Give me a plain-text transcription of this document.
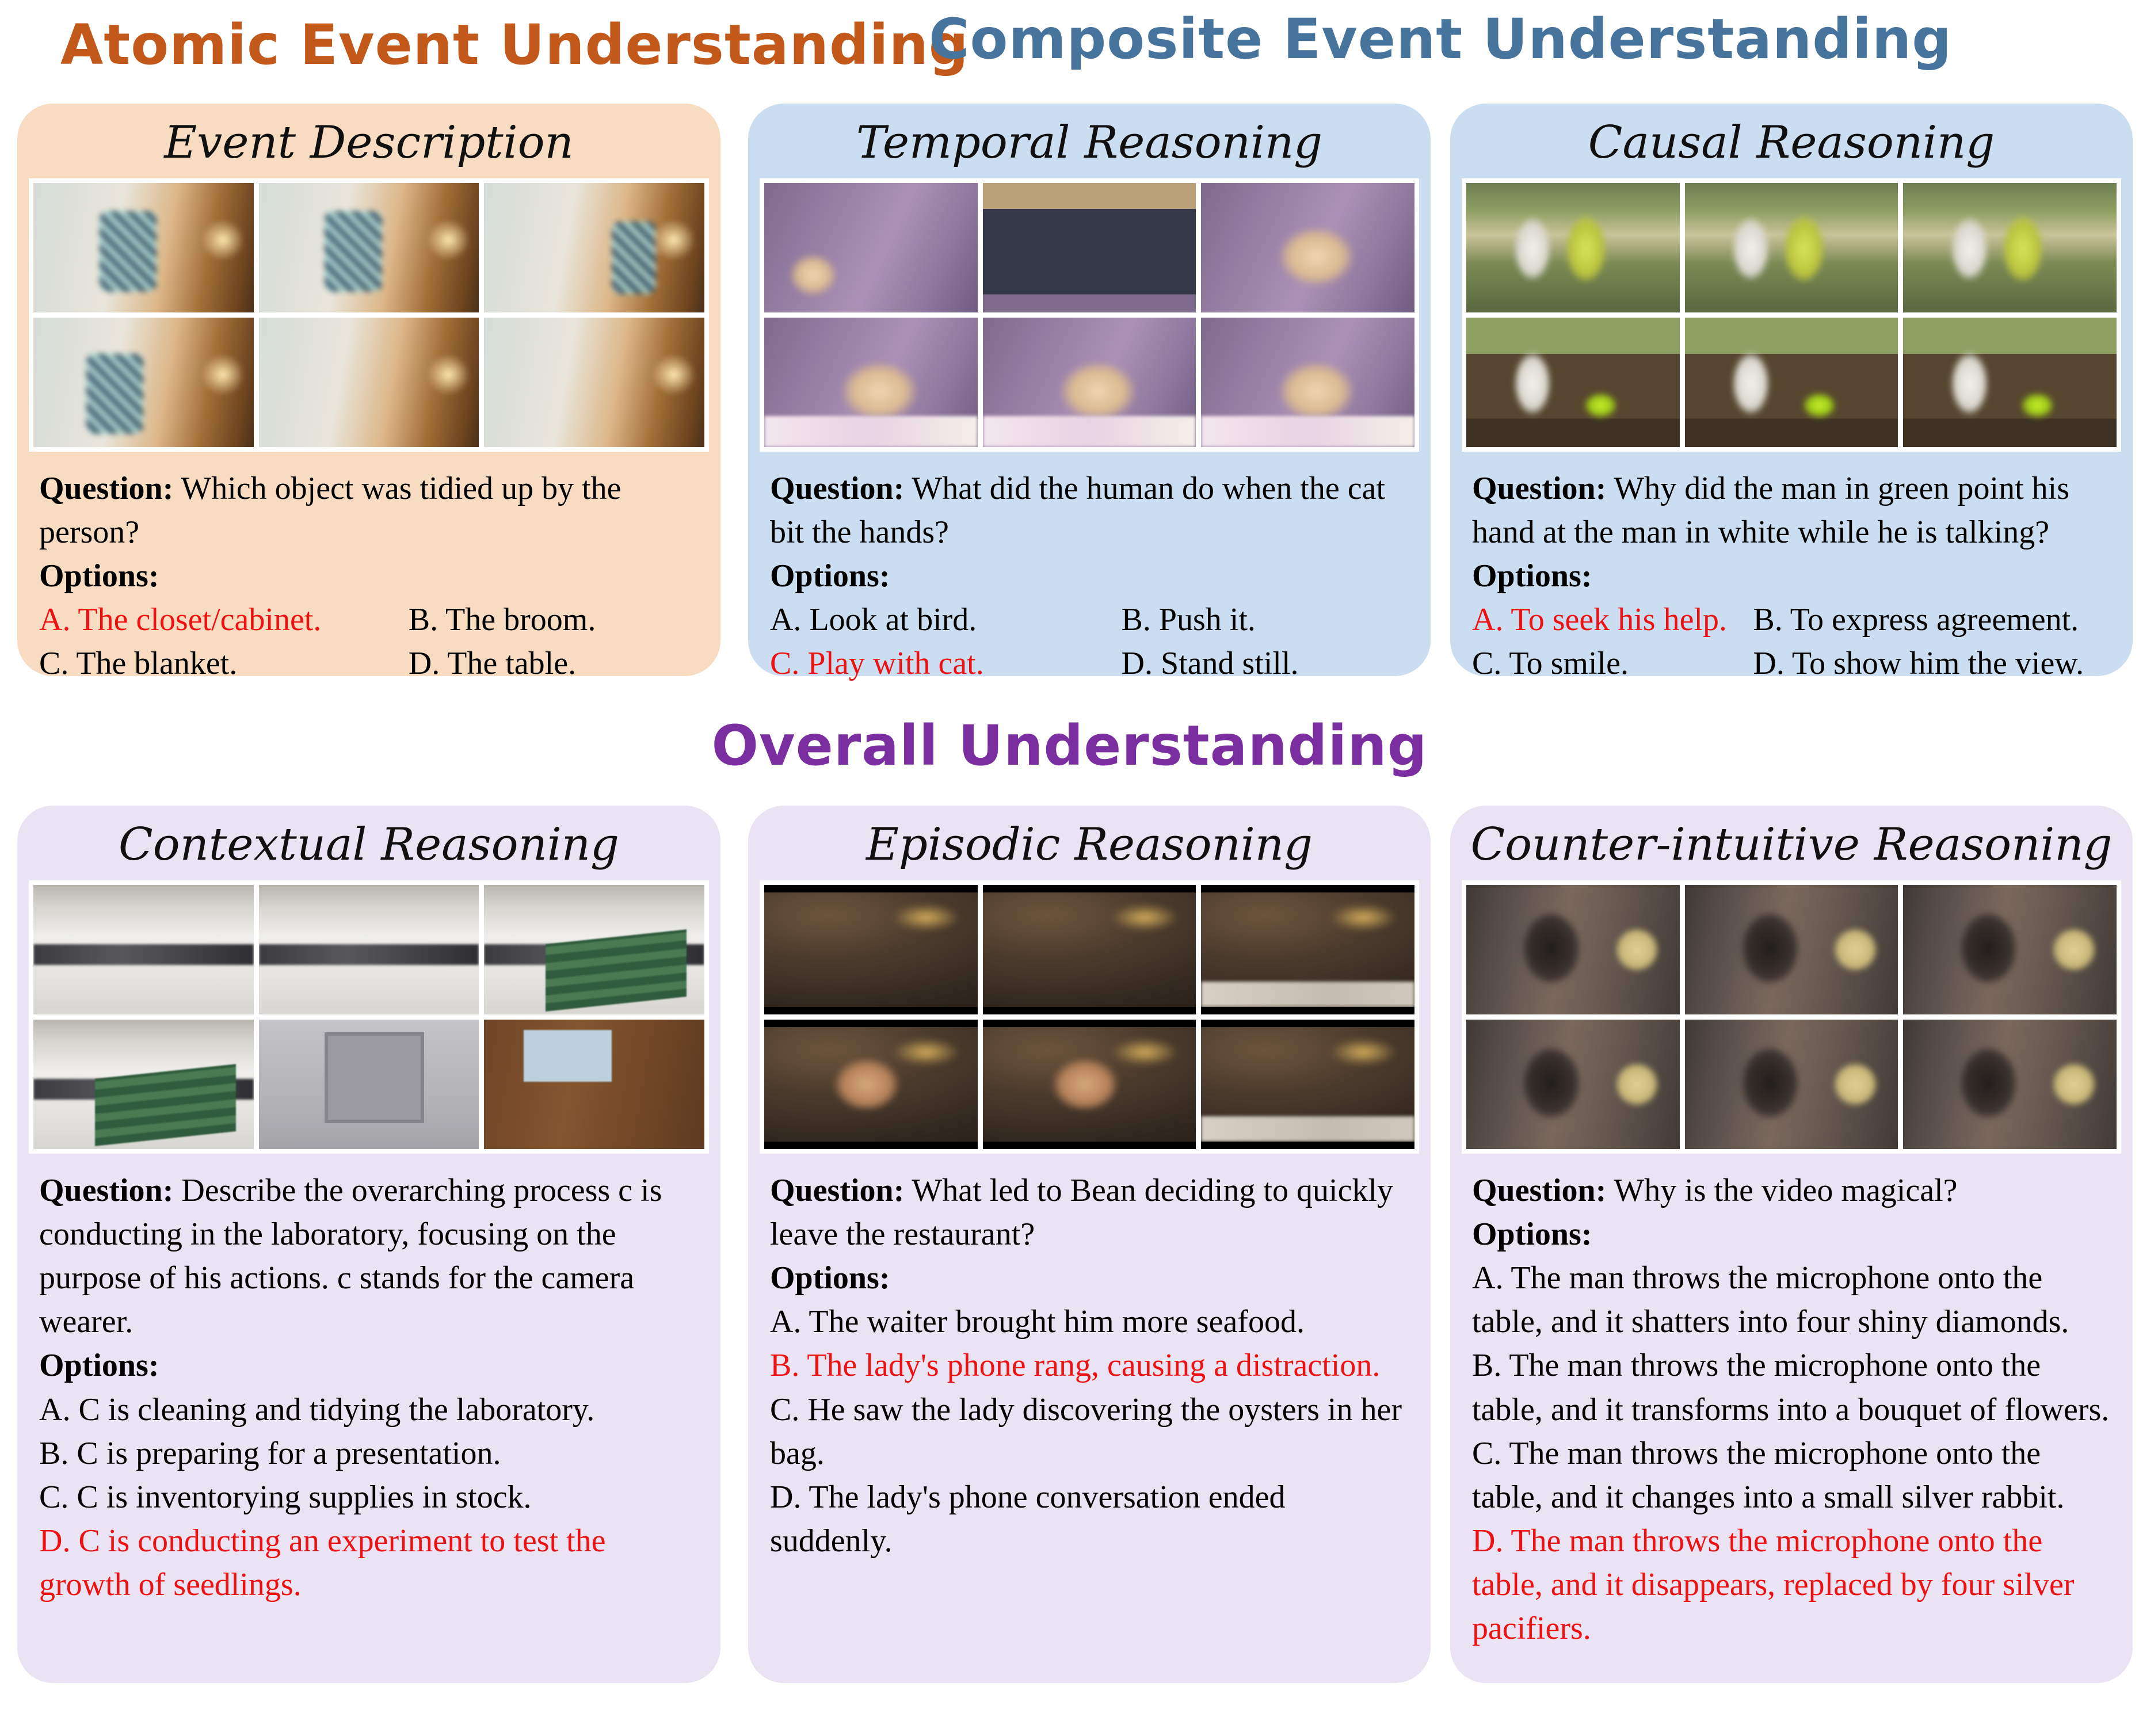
Atomic Event Understanding
Composite Event Understanding
Overall Understanding
Event Description
Question: Which object was tidied up by the person?
Options:
A. The closet/cabinet.	B. The broom.
C. The blanket.	D. The table.
Temporal Reasoning
Question: What did the human do when the cat bit the hands?
Options:
A. Look at bird.	B. Push it.
C. Play with cat.	D. Stand still.
Causal Reasoning
Question: Why did the man in green point his hand at the man in white while he is talking?
Options:
A. To seek his help. B. To express agreement.
C. To smile.	D. To show him the view.
Contextual Reasoning
Question: Describe the overarching process c is conducting in the laboratory, focusing on the purpose of his actions. c stands for the camera wearer.
Options:
A. C is cleaning and tidying the laboratory.
B. C is preparing for a presentation.
C. C is inventorying supplies in stock.
D. C is conducting an experiment to test the growth of seedlings.
Episodic Reasoning
Question: What led to Bean deciding to quickly leave the restaurant?
Options:
A. The waiter brought him more seafood.
B. The lady's phone rang, causing a distraction.
C. He saw the lady discovering the oysters in her bag.
D. The lady's phone conversation ended suddenly.
Counter-intuitive Reasoning
Question: Why is the video magical?
Options:
A. The man throws the microphone onto the table, and it shatters into four shiny diamonds.
B. The man throws the microphone onto the table, and it transforms into a bouquet of flowers.
C. The man throws the microphone onto the table, and it changes into a small silver rabbit.
D. The man throws the microphone onto the table, and it disappears, replaced by four silver pacifiers.
